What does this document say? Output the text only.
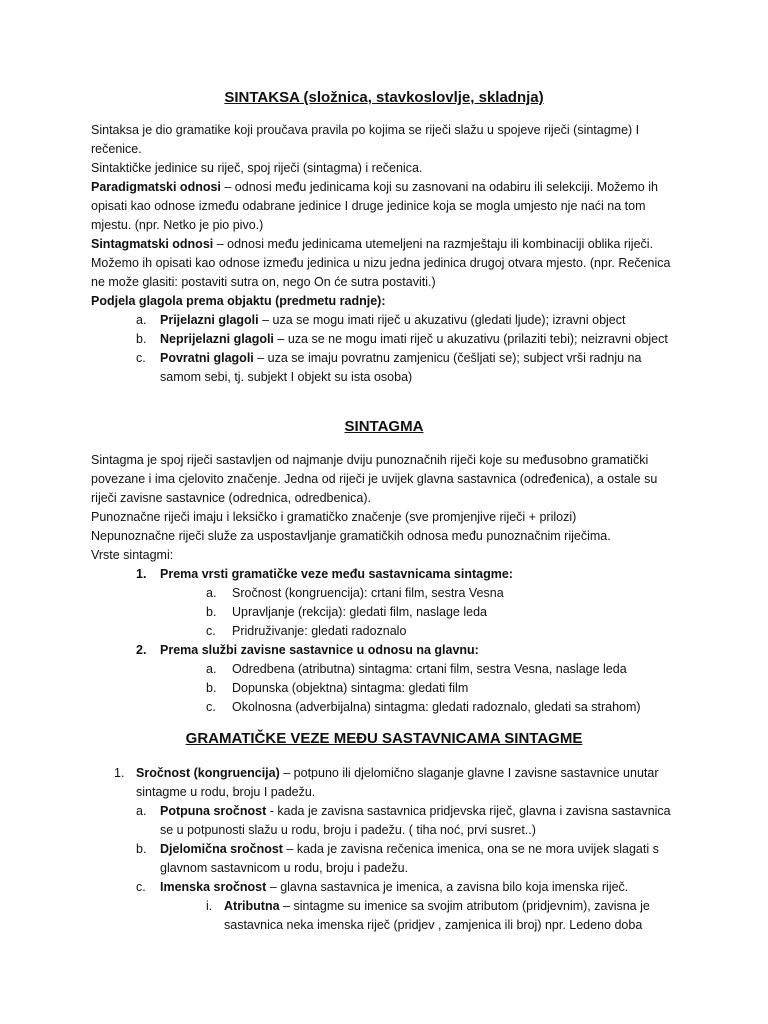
SINTAKSA (složnica, stavkoslovlje, skladnja)

Sintaksa je dio gramatike koji proučava pravila po kojima se riječi slažu u spojeve riječi (sintagme) I rečenice.

Sintaktičke jedinice su riječ, spoj riječi (sintagma) i rečenica.

Paradigmatski odnosi – odnosi među jedinicama koji su zasnovani na odabiru ili selekciji. Možemo ih opisati kao odnose između odabrane jedinice I druge jedinice koja se mogla umjesto nje naći na tom mjestu. (npr. Netko je pio pivo.)

Sintagmatski odnosi – odnosi među jedinicama utemeljeni na razmještaju ili kombinaciji oblika riječi. Možemo ih opisati kao odnose između jedinica u nizu jedna jedinica drugoj otvara mjesto. (npr. Rečenica ne može glasiti: postaviti sutra on, nego On će sutra postaviti.)

Podjela glagola prema objaktu (predmetu radnje):

a.	Prijelazni glagoli – uza se mogu imati riječ u akuzativu (gledati ljude); izravni object
b.	Neprijelazni glagoli – uza se ne mogu imati riječ u akuzativu (prilaziti tebi); neizravni object
c.	Povratni glagoli – uza se imaju povratnu zamjenicu (češljati se); subject vrši radnju na samom sebi, tj. subjekt I objekt su ista osoba)
SINTAGMA

Sintagma je spoj riječi sastavljen od najmanje dviju punoznačnih riječi koje su međusobno gramatički povezane i ima cjelovito značenje. Jedna od riječi je uvijek glavna sastavnica (određenica), a ostale su riječi zavisne sastavnice (odrednica, odredbenica).

Punoznačne riječi imaju i leksičko i gramatičko značenje (sve promjenjive riječi + prilozi)

Nepunoznačne riječi služe za uspostavljanje gramatičkih odnosa među punoznačnim riječima.

Vrste sintagmi:

1.	Prema vrsti gramatičke veze među sastavnicama sintagme:
a.	Sročnost (kongruencija): crtani film, sestra Vesna
b.	Upravljanje (rekcija): gledati film, naslage leda
c.	Pridruživanje: gledati radoznalo
2.	Prema službi zavisne sastavnice u odnosu na glavnu:
a.	Odredbena (atributna) sintagma: crtani film, sestra Vesna, naslage leda
b.	Dopunska (objektna) sintagma: gledati film
c.	Okolnosna (adverbijalna) sintagma: gledati radoznalo, gledati sa strahom)
GRAMATIČKE VEZE MEĐU SASTAVNICAMA SINTAGME
1. Sročnost (kongruencija) – potpuno ili djelomično slaganje glavne I zavisne sastavnice unutar sintagme u rodu, broju I padežu.
a.	Potpuna sročnost - kada je zavisna sastavnica pridjevska riječ, glavna i zavisna sastavnica se u potpunosti slažu u rodu, broju i padežu. ( tiha noć, prvi susret..)
b.	Djelomična sročnost – kada je zavisna rečenica imenica, ona se ne mora uvijek slagati s glavnom sastavnicom u rodu, broju i padežu.
c.	Imenska sročnost – glavna sastavnica je imenica, a zavisna bilo koja imenska riječ.
i. Atributna – sintagme su imenice sa svojim atributom (pridjevnim), zavisna je sastavnica neka imenska riječ (pridjev , zamjenica ili broj) npr. Ledeno doba
